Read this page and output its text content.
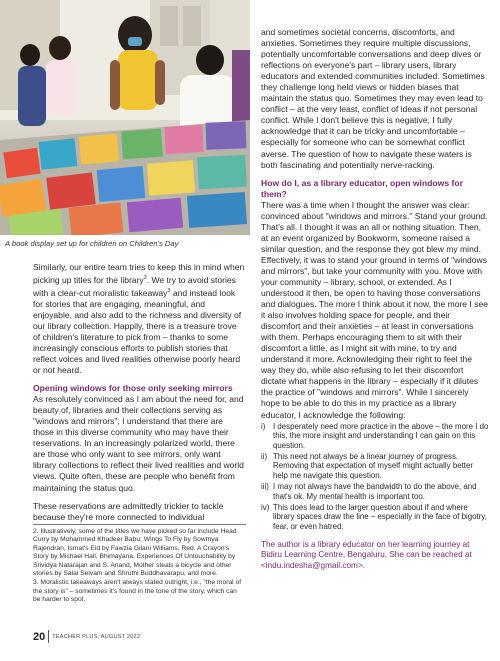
A book display set up for children on Children's Day

Similarly, our entire team tries to keep this in mind when picking up titles for the library$^2$. We try to avoid stories with a clear-cut moralistic takeaway$^3$ and instead look for stories that are engaging, meaningful, and enjoyable, and also add to the richness and diversity of our library collection. Happily, there is a treasure trove of children's literature to pick from – thanks to some increasingly conscious efforts to publish stories that reflect voices and lived realities otherwise poorly heard or not heard.

Opening windows for those only seeking mirrors

As resolutely convinced as I am about the need for, and beauty of, libraries and their collections serving as "windows and mirrors", I understand that there are those in this diverse community who may have their reservations. In an increasingly polarized world, there are those who only want to see mirrors, only want library collections to reflect their lived realities and world views. Quite often, these are people who benefit from maintaining the status quo.

These reservations are admittedly trickier to tackle because they're more connected to individual

2. Illustratively, some of the titles we have picked so far include Head Curry by Mohammed Khadeer Babu, Wings To Fly by Sowmya Rajendran, Ismat's Eid by Fawzia Gilani Williams, Red. A Crayon's Story by Michael Hall, Bhimayana. Experiences Of Untouchability by Srividya Natarajan and S. Anand, Mother steals a bicycle and other stories by Salai Selvam and Shruthi Buddhavarapu, and more.

3. Moralistic takeaways aren't always stated outright, i.e., "the moral of the story is" – sometimes it's found in the tone of the story, which can be harder to spot.

and sometimes societal concerns, discomforts, and anxieties. Sometimes they require multiple discussions, potentially uncomfortable conversations and deep dives or reflections on everyone's part – library users, library educators and extended communities included. Sometimes they challenge long held views or hidden biases that maintain the status quo. Sometimes they may even lead to conflict – at the very least, conflict of ideas if not personal conflict. While I don't believe this is negative, I fully acknowledge that it can be tricky and uncomfortable – especially for someone who can be somewhat conflict averse. The question of how to navigate these waters is both fascinating and potentially nerve-racking.

How do I, as a library educator, open windows for them?

There was a time when I thought the answer was clear: convinced about "windows and mirrors." Stand your ground. That's all. I thought it was an all or nothing situation. Then, at an event organized by Bookworm, someone raised a similar question, and the response they got blew my mind. Effectively, it was to stand your ground in terms of "windows and mirrors", but take your community with you. Move with your community – library, school, or extended. As I understood it then, be open to having those conversations and dialogues. The more I think about it now, the more I see it also involves holding space for people, and their discomfort and their anxieties – at least in conversations with them. Perhaps encouraging them to sit with their discomfort a little, as I might sit with mine, to try and understand it more. Acknowledging their right to feel the way they do, while also refusing to let their discomfort dictate what happens in the library – especially if it dilutes the practice of "windows and mirrors". While I sincerely hope to be able to do this in my practice as a library educator, I acknowledge the following:

i) I desperately need more practice in the above – the more I do this, the more insight and understanding I can gain on this question.
ii) This need not always be a linear journey of progress. Removing that expectation of myself might actually better help me navigate this question.
iii) I may not always have the bandwidth to do the above, and that's ok. My mental health is important too.
iv) This does lead to the larger question about if and where library spaces draw the line – especially in the face of bigotry, fear, or even hatred.
The author is a library educator on her learning journey at Bidiru Learning Centre, Bengaluru. She can be reached at <indu.indesha@gmail.com>.
20 TEACHER PLUS, AUGUST 2022
